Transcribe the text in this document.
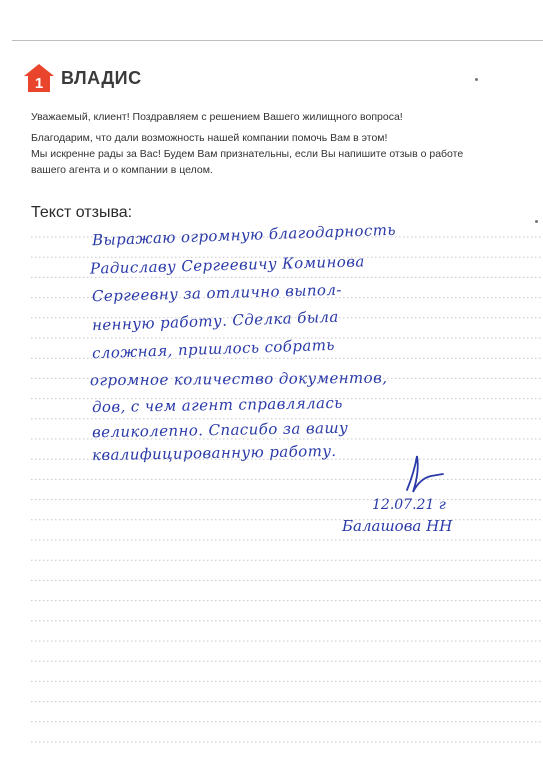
1 ВЛАДИС
Уважаемый, клиент! Поздравляем с решением Вашего жилищного вопроса!
Благодарим, что дали возможность нашей компании помочь Вам в этом!
Мы искренне рады за Вас! Будем Вам признательны, если Вы напишите отзыв о работе
вашего агента и о компании в целом.
Текст отзыва:
Выражаю огромную благодарность
Радиславу Сергеевичу Коминова
Сергеевну за отлично выпол-
ненную работу. Сделка была
сложная, пришлось собрать
огромное количество документов,
дов, с чем агент справлялась
великолепно. Спасибо за вашу
квалифицированную работу.
12.07.21 г
Балашова НН
